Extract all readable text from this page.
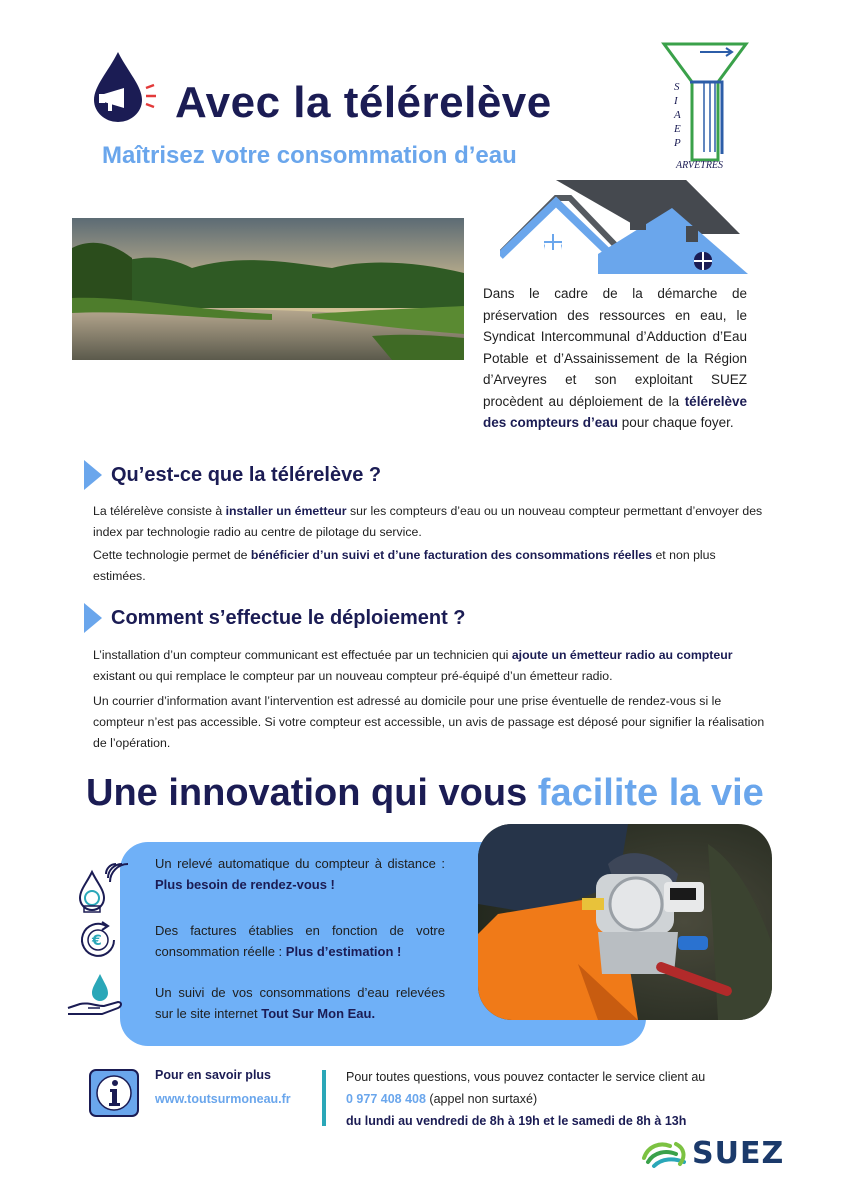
Avec la télérelève
Maîtrisez votre consommation d’eau
S
I
A
E
P
ARVETRES

Dans le cadre de la démarche de préservation des ressources en eau, le Syndicat Intercommunal d’Adduction d’Eau Potable et d’Assainissement de la Région d’Arveyres et son exploitant SUEZ procèdent au déploiement de la télérelève des compteurs d’eau pour chaque foyer.

Qu’est-ce que la télérelève ?

La télérelève consiste à installer un émetteur sur les compteurs d’eau ou un nouveau compteur permettant d’envoyer des index par technologie radio au centre de pilotage du service.

Cette technologie permet de bénéficier d’un suivi et d’une facturation des consommations réelles et non plus estimées.

Comment s’effectue le déploiement ?

L’installation d’un compteur communicant est effectuée par un technicien qui ajoute un émetteur radio au compteur existant ou qui remplace le compteur par un nouveau compteur pré-équipé d’un émetteur radio.

Un courrier d’information avant l’intervention est adressé au domicile pour une prise éventuelle de rendez-vous si le compteur n’est pas accessible. Si votre compteur est accessible, un avis de passage est déposé pour signifier la réalisation de l’opération.

Une innovation qui vous facilite la vie

Un relevé automatique du compteur à distance : Plus besoin de rendez-vous !

Des factures établies en fonction de votre consommation réelle : Plus d’estimation !

Un suivi de vos consommations d’eau relevées sur le site internet Tout Sur Mon Eau.

€

Pour en savoir plus

www.toutsurmoneau.fr

Pour toutes questions, vous pouvez contacter le service client au
0 977 408 408 (appel non surtaxé)
du lundi au vendredi de 8h à 19h et le samedi de 8h à 13h

SUEZ
